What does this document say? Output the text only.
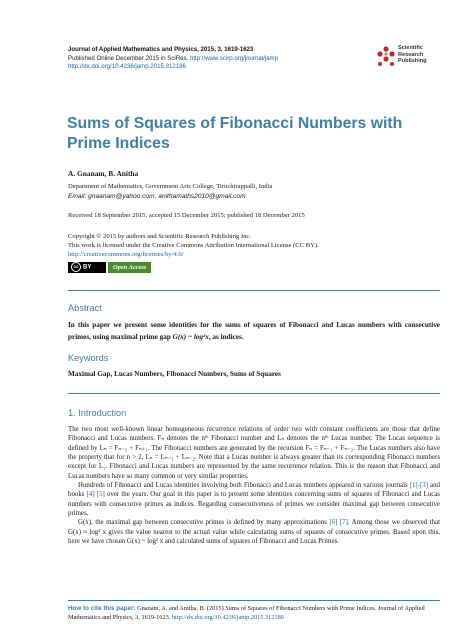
Journal of Applied Mathematics and Physics, 2015, 3, 1619-1623
Published Online December 2015 in SciRes. http://www.scirp.org/journal/jamp
http://dx.doi.org/10.4236/jamp.2015.312186
Scientific
Research
Publishing
Sums of Squares of Fibonacci Numbers with Prime Indices
A. Gnanam, B. Anitha
Department of Mathematics, Government Arts College, Tiruchirappalli, India
Email: gnaanam@yahoo.com, anithamaths2010@gmail.com
Received 18 September 2015; accepted 15 December 2015; published 18 December 2015
Copyright © 2015 by authors and Scientific Research Publishing Inc.
This work is licensed under the Creative Commons Attribution International License (CC BY).
http://creativecommons.org/licenses/by/4.0/
cc BY	Open Access
Abstract
In this paper we present some identities for the sums of squares of Fibonacci and Lucas numbers with consecutive primes, using maximal prime gap G(x) ~ log²x, as indices.
Keywords
Maximal Gap, Lucas Numbers, Fibonacci Numbers, Sums of Squares
1. Introduction

The two most well-known linear homogeneous recurrence relations of order two with constant coefficients are those that define Fibonacci and Lucas numbers. Fₙ denotes the nᵗʰ Fibonacci number and Lₙ denotes the nᵗʰ Lucas number. The Lucas sequence is defined by Lₙ = Fₙ₋₁ + Fₙ₊₁. The Fibonacci numbers are generated by the recursion Fₙ = Fₙ₋₁ + Fₙ₋₂. The Lucas numbers also have the property that for n > 2, Lₙ = Lₙ₋₁ + Lₙ₋₂. Note that a Lucas number is always greater than its corresponding Fibonacci numbers except for L₁. Fibonacci and Lucas numbers are represented by the same recurrence relation. This is the reason that Fibonacci and Lucas numbers have so many common or very similar properties.

Hundreds of Fibonacci and Lucas identities involving both Fibonacci and Lucas numbers appeared in various journals [1]-[3] and books [4] [5] over the years. Our goal in this paper is to present some identities concerning sums of squares of Fibonacci and Lucas numbers with consecutive primes as indices. Regarding consecutiveness of primes we consider maximal gap between consecutive primes.

G(x), the maximal gap between consecutive primes is defined by many approximations [6] [7]. Among those we observed that G(x) ≈ log² x gives the value nearest to the actual value while calculating sums of squares of consecutive primes. Based upon this, here we have chosen G(x) ~ log² x and calculated sums of squares of Fibonacci and Lucas Primes.

How to cite this paper: Gnanam, A. and Anitha, B. (2015) Sums of Squares of Fibonacci Numbers with Prime Indices. Journal of Applied Mathematics and Physics, 3, 1619-1623. http://dx.doi.org/10.4236/jamp.2015.312186
